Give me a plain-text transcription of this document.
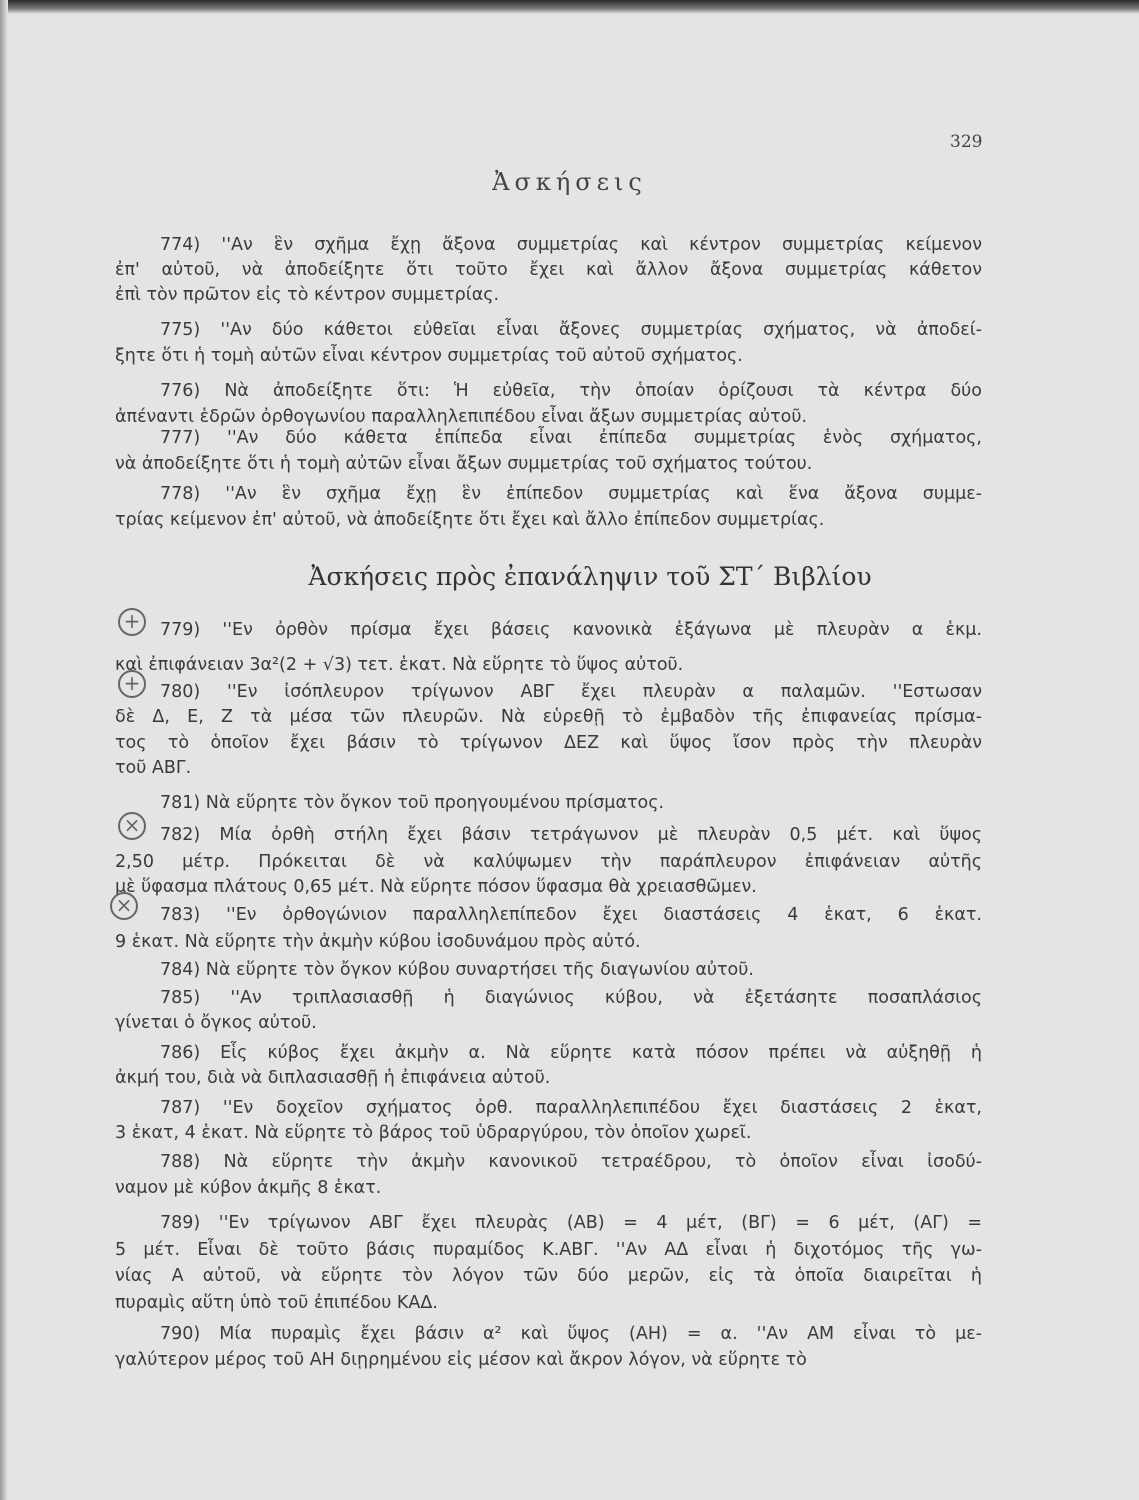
329
Ἀσκήσεις
Ἀσκήσεις πρὸς ἐπανάληψιν τοῦ ΣΤ΄ Βιβλίου
774) ''Αν ἓν σχῆμα ἔχῃ ἄξονα συμμετρίας καὶ κέντρον συμμετρίας κείμενον
ἐπ' αὐτοῦ, νὰ ἀποδείξητε ὅτι τοῦτο ἔχει καὶ ἄλλον ἄξονα συμμετρίας κάθετον
ἐπὶ τὸν πρῶτον εἰς τὸ κέντρον συμμετρίας.
775) ''Αν δύο κάθετοι εὐθεῖαι εἶναι ἄξονες συμμετρίας σχήματος, νὰ ἀποδεί-
ξητε ὅτι ἡ τομὴ αὐτῶν εἶναι κέντρον συμμετρίας τοῦ αὐτοῦ σχήματος.
776) Νὰ ἀποδείξητε ὅτι: Ἡ εὐθεῖα, τὴν ὁποίαν ὁρίζουσι τὰ κέντρα δύο
ἀπέναντι ἑδρῶν ὀρθογωνίου παραλληλεπιπέδου εἶναι ἄξων συμμετρίας αὐτοῦ.
777) ''Αν δύο κάθετα ἐπίπεδα εἶναι ἐπίπεδα συμμετρίας ἑνὸς σχήματος,
νὰ ἀποδείξητε ὅτι ἡ τομὴ αὐτῶν εἶναι ἄξων συμμετρίας τοῦ σχήματος τούτου.
778) ''Αν ἓν σχῆμα ἔχῃ ἓν ἐπίπεδον συμμετρίας καὶ ἕνα ἄξονα συμμε-
τρίας κείμενον ἐπ' αὐτοῦ, νὰ ἀποδείξητε ὅτι ἔχει καὶ ἄλλο ἐπίπεδον συμμετρίας.
779) ''Εν ὀρθὸν πρίσμα ἔχει βάσεις κανονικὰ ἑξάγωνα μὲ πλευρὰν α ἑκμ.
καὶ ἐπιφάνειαν 3α²(2 + √3) τετ. ἑκατ. Νὰ εὕρητε τὸ ὕψος αὐτοῦ.
780) ''Εν ἰσόπλευρον τρίγωνον ΑΒΓ ἔχει πλευρὰν α παλαμῶν. ''Εστωσαν
δὲ Δ, Ε, Ζ τὰ μέσα τῶν πλευρῶν. Νὰ εὑρεθῇ τὸ ἐμβαδὸν τῆς ἐπιφανείας πρίσμα-
τος τὸ ὁποῖον ἔχει βάσιν τὸ τρίγωνον ΔΕΖ καὶ ὕψος ἴσον πρὸς τὴν πλευρὰν
τοῦ ΑΒΓ.
781) Νὰ εὕρητε τὸν ὄγκον τοῦ προηγουμένου πρίσματος.
782) Μία ὀρθὴ στήλη ἔχει βάσιν τετράγωνον μὲ πλευρὰν 0,5 μέτ. καὶ ὕψος
2,50 μέτρ. Πρόκειται δὲ νὰ καλύψωμεν τὴν παράπλευρον ἐπιφάνειαν αὐτῆς
μὲ ὕφασμα πλάτους 0,65 μέτ. Νὰ εὕρητε πόσον ὕφασμα θὰ χρειασθῶμεν.
783) ''Εν ὀρθογώνιον παραλληλεπίπεδον ἔχει διαστάσεις 4 ἑκατ, 6 ἑκατ.
9 ἑκατ. Νὰ εὕρητε τὴν ἀκμὴν κύβου ἰσοδυνάμου πρὸς αὐτό.
784) Νὰ εὕρητε τὸν ὄγκον κύβου συναρτήσει τῆς διαγωνίου αὐτοῦ.
785) ''Αν τριπλασιασθῇ ἡ διαγώνιος κύβου, νὰ ἐξετάσητε ποσαπλάσιος
γίνεται ὁ ὄγκος αὐτοῦ.
786) Εἷς κύβος ἔχει ἀκμὴν α. Νὰ εὕρητε κατὰ πόσον πρέπει νὰ αὐξηθῇ ἡ
ἀκμή του, διὰ νὰ διπλασιασθῇ ἡ ἐπιφάνεια αὐτοῦ.
787) ''Εν δοχεῖον σχήματος ὀρθ. παραλληλεπιπέδου ἔχει διαστάσεις 2 ἑκατ,
3 ἑκατ, 4 ἑκατ. Νὰ εὕρητε τὸ βάρος τοῦ ὑδραργύρου, τὸν ὁποῖον χωρεῖ.
788) Νὰ εὕρητε τὴν ἀκμὴν κανονικοῦ τετραέδρου, τὸ ὁποῖον εἶναι ἰσοδύ-
ναμον μὲ κύβον ἀκμῆς 8 ἑκατ.
789) ''Εν τρίγωνον ΑΒΓ ἔχει πλευρὰς (ΑΒ) = 4 μέτ, (ΒΓ) = 6 μέτ, (ΑΓ) =
5 μέτ. Εἶναι δὲ τοῦτο βάσις πυραμίδος Κ.ΑΒΓ. ''Αν ΑΔ εἶναι ἡ διχοτόμος τῆς γω-
νίας Α αὐτοῦ, νὰ εὕρητε τὸν λόγον τῶν δύο μερῶν, εἰς τὰ ὁποῖα διαιρεῖται ἡ
πυραμὶς αὕτη ὑπὸ τοῦ ἐπιπέδου ΚΑΔ.
790) Μία πυραμὶς ἔχει βάσιν α² καὶ ὕψος (ΑΗ) = α. ''Αν ΑΜ εἶναι τὸ με-
γαλύτερον μέρος τοῦ ΑΗ διῃρημένου εἰς μέσον καὶ ἄκρον λόγον, νὰ εὕρητε τὸ
+
+
×
×
